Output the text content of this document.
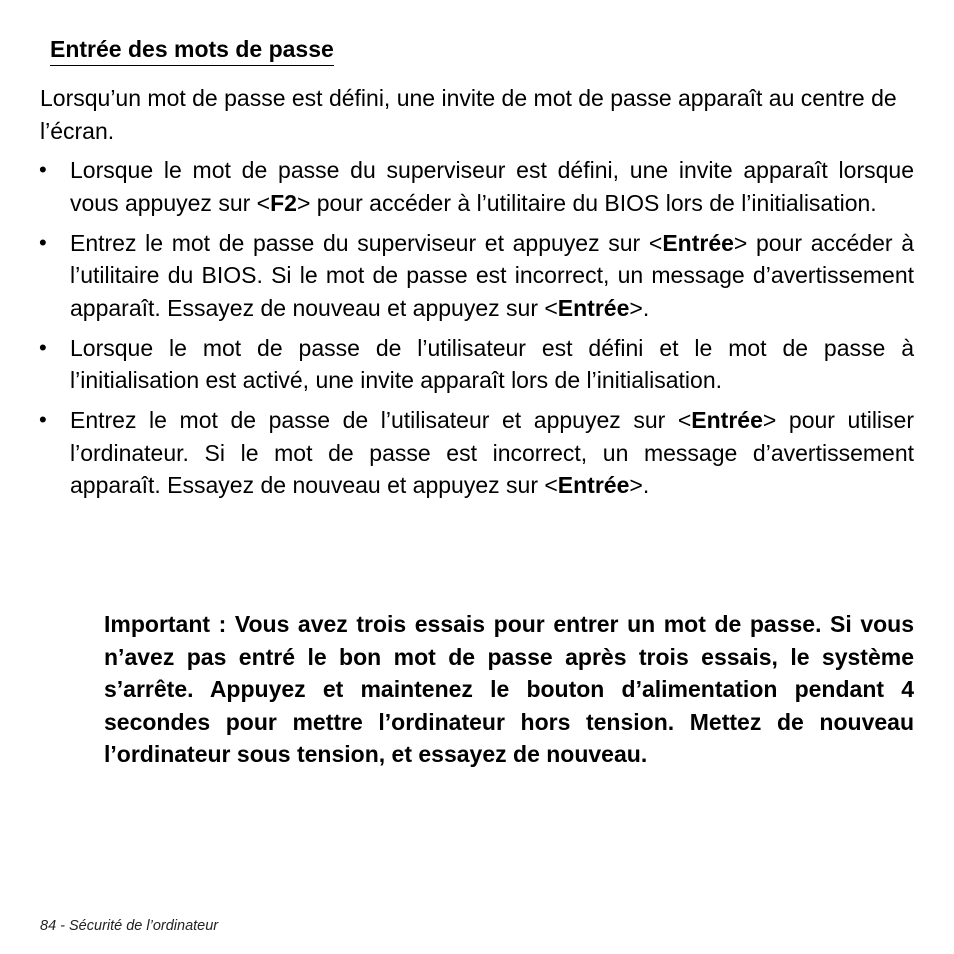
Entrée des mots de passe

Lorsqu’un mot de passe est défini, une invite de mot de passe apparaît au centre de l’écran.

• Lorsque le mot de passe du superviseur est défini, une invite apparaît lorsque vous appuyez sur <F2> pour accéder à l’utilitaire du BIOS lors de l’initialisation.
• Entrez le mot de passe du superviseur et appuyez sur <Entrée> pour accéder à l’utilitaire du BIOS. Si le mot de passe est incorrect, un message d’avertissement apparaît. Essayez de nouveau et appuyez sur <Entrée>.
• Lorsque le mot de passe de l’utilisateur est défini et le mot de passe à l’initialisation est activé, une invite apparaît lors de l’initialisation.
• Entrez le mot de passe de l’utilisateur et appuyez sur <Entrée> pour utiliser l’ordinateur. Si le mot de passe est incorrect, un message d’avertissement apparaît. Essayez de nouveau et appuyez sur <Entrée>.

Important : Vous avez trois essais pour entrer un mot de passe. Si vous n’avez pas entré le bon mot de passe après trois essais, le système s’arrête. Appuyez et maintenez le bouton d’alimentation pendant 4 secondes pour mettre l’ordinateur hors tension. Mettez de nouveau l’ordinateur sous tension, et essayez de nouveau.

84 - Sécurité de l’ordinateur
